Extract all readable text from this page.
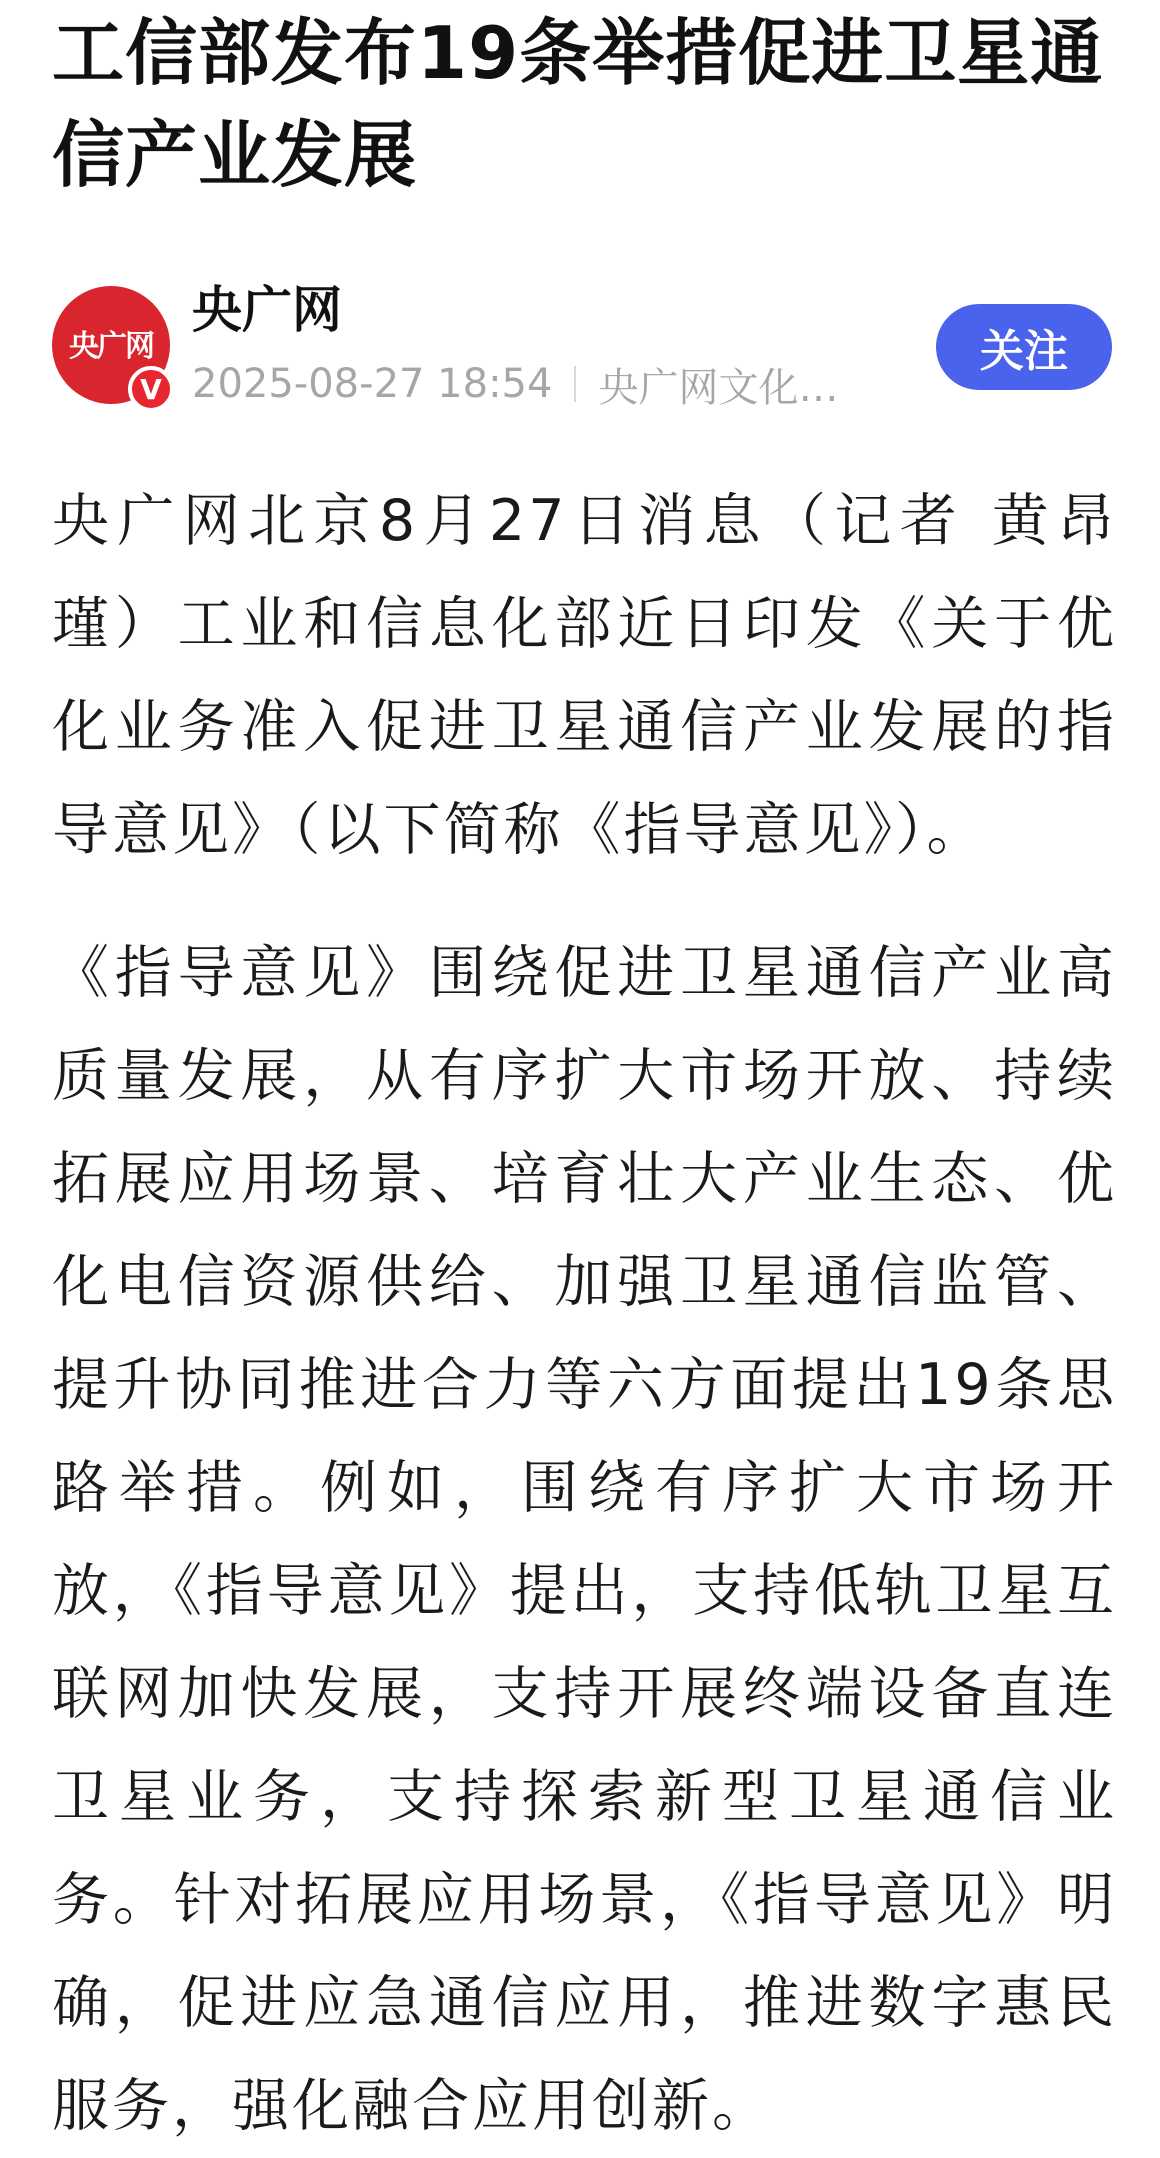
工信部发布19条举措促进卫星通信产业发展
央广网
V
央广网
2025-08-27 18:54 央广网文化…
关注

央广网北京8月27日消息（记者 黄昂瑾）工业和信息化部近日印发《关于优化业务准入促进卫星通信产业发展的指导意见》（以下简称《指导意见》）。

《指导意见》围绕促进卫星通信产业高质量发展，从有序扩大市场开放、持续拓展应用场景、培育壮大产业生态、优化电信资源供给、加强卫星通信监管、提升协同推进合力等六方面提出19条思路举措。例如，围绕有序扩大市场开放，《指导意见》提出，支持低轨卫星互联网加快发展，支持开展终端设备直连卫星业务，支持探索新型卫星通信业务。针对拓展应用场景，《指导意见》明确，促进应急通信应用，推进数字惠民服务，强化融合应用创新。
